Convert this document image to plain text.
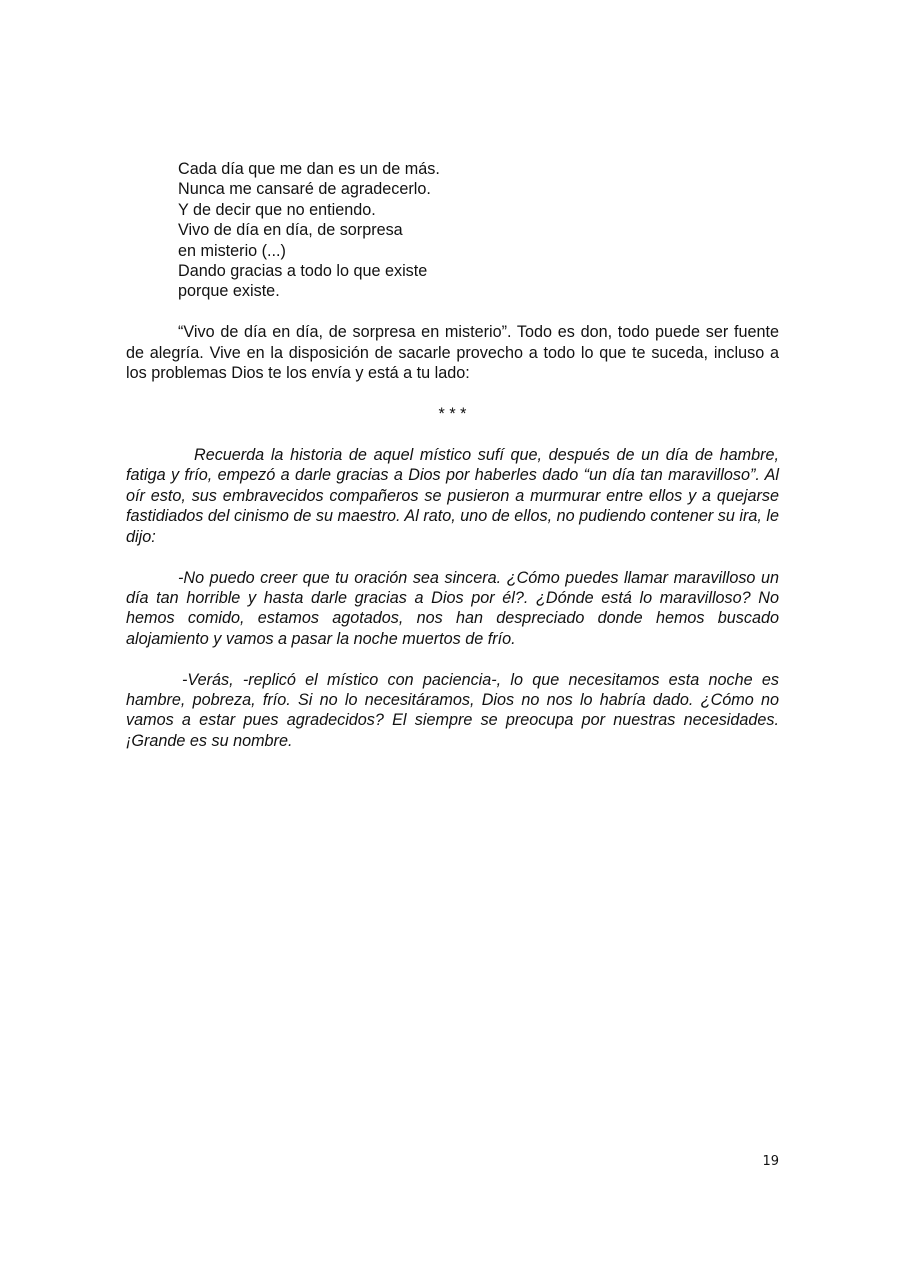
Cada día que me dan es un de más.
Nunca me cansaré de agradecerlo.
Y de decir que no entiendo.
Vivo de día en día, de sorpresa
en misterio (...)
Dando gracias a todo lo que existe
porque existe.

“Vivo de día en día, de sorpresa en misterio”. Todo es don, todo puede ser fuente de alegría. Vive en la disposición de sacarle provecho a todo lo que te suceda, incluso a los problemas Dios te los envía y está a tu lado:

* * *

Recuerda la historia de aquel místico sufí que, después de un día de hambre, fatiga y frío, empezó a darle gracias a Dios por haberles dado “un día tan maravilloso”. Al oír esto, sus embravecidos compañeros se pusieron a murmurar entre ellos y a quejarse fastidiados del cinismo de su maestro. Al rato, uno de ellos, no pudiendo contener su ira, le dijo:

-No puedo creer que tu oración sea sincera. ¿Cómo puedes llamar maravilloso un día tan horrible y hasta darle gracias a Dios por él?. ¿Dónde está lo maravilloso? No hemos comido, estamos agotados, nos han despreciado donde hemos buscado alojamiento y vamos a pasar la noche muertos de frío.

-Verás, -replicó el místico con paciencia-, lo que necesitamos esta noche es hambre, pobreza, frío. Si no lo necesitáramos, Dios no nos lo habría dado. ¿Cómo no vamos a estar pues agradecidos? El siempre se preocupa por nuestras necesidades. ¡Grande es su nombre.

19
